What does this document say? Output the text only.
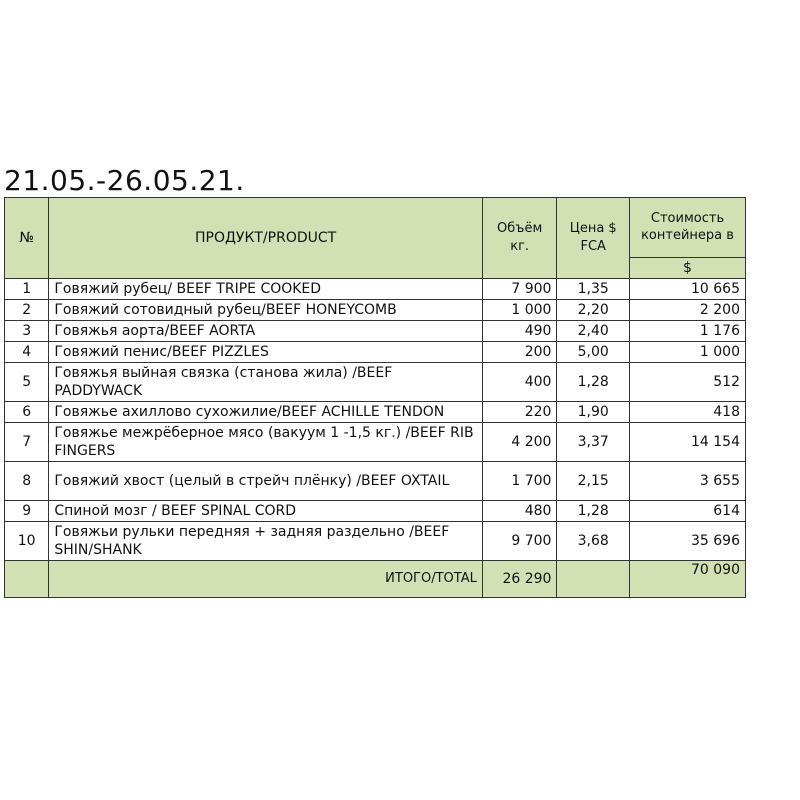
21.05.-26.05.21.
№	ПРОДУКТ/PRODUCT	Объём кг.	Цена $ FCA	Стоимость контейнера в
				$
1	Говяжий рубец/ BEEF TRIPE COOKED	7 900	1,35	10 665
2	Говяжий сотовидный рубец/BEEF HONEYCOMB	1 000	2,20	2 200
3	Говяжья аорта/BEEF AORTA	490	2,40	1 176
4	Говяжий пенис/BEEF PIZZLES	200	5,00	1 000
5	Говяжья выйная связка (станова жила) /BEEF PADDYWACK	400	1,28	512
6	Говяжье ахиллово сухожилие/BEEF ACHILLE TENDON	220	1,90	418
7	Говяжье межрёберное мясо (вакуум 1 -1,5 кг.) /BEEF RIB FINGERS	4 200	3,37	14 154
8	Говяжий хвост (целый в стрейч плёнку) /BEEF OXTAIL	1 700	2,15	3 655
9	Спиной мозг / BEEF SPINAL CORD	480	1,28	614
10	Говяжьи рульки передняя + задняя раздельно /BEEF SHIN/SHANK	9 700	3,68	35 696
	ИТОГО/TOTAL	26 290		70 090
